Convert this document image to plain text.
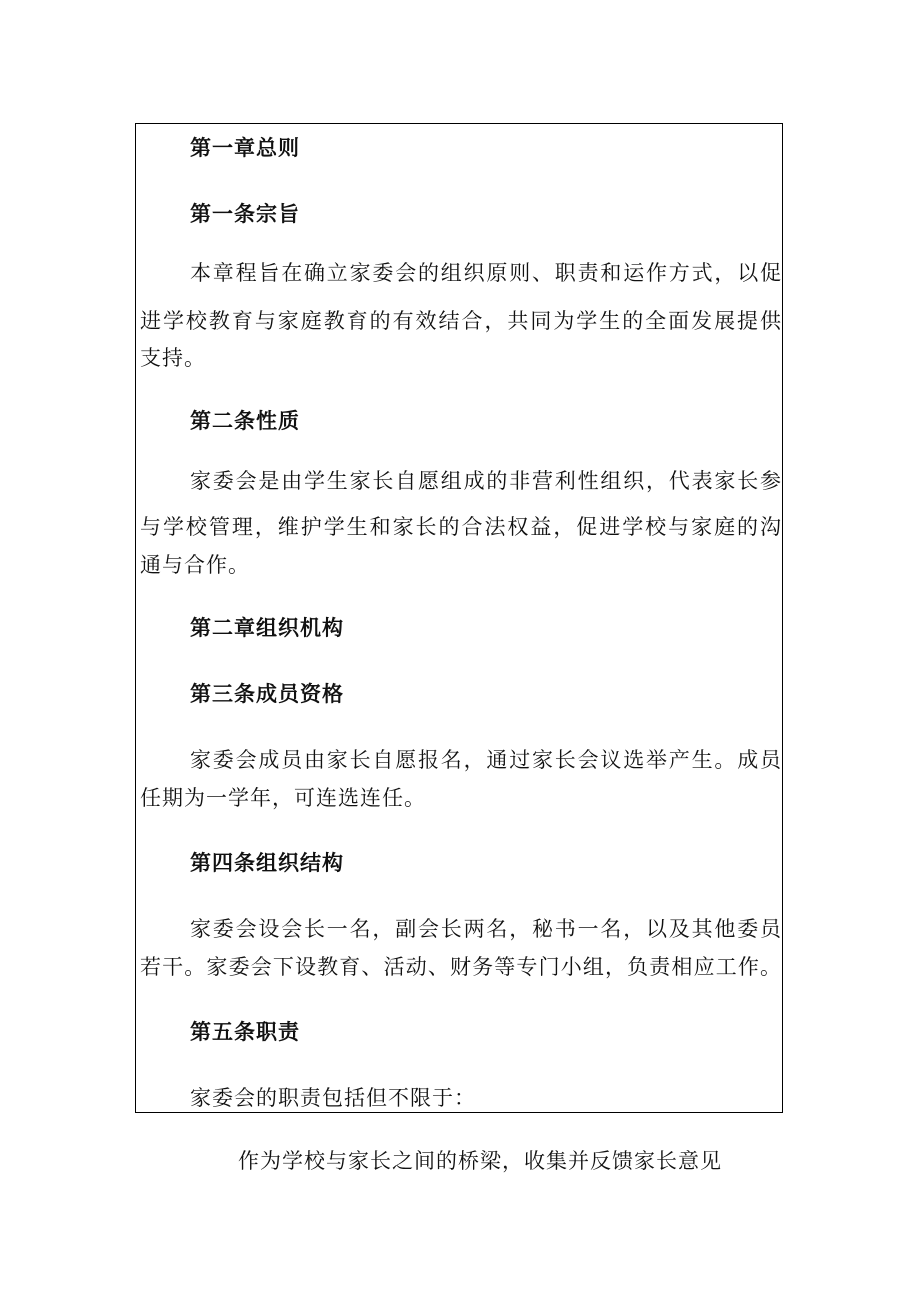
第一章总则
第一条宗旨
本章程旨在确立家委会的组织原则、职责和运作方式，以促
进学校教育与家庭教育的有效结合，共同为学生的全面发展提供
支持。
第二条性质
家委会是由学生家长自愿组成的非营利性组织，代表家长参
与学校管理，维护学生和家长的合法权益，促进学校与家庭的沟
通与合作。
第二章组织机构
第三条成员资格
家委会成员由家长自愿报名，通过家长会议选举产生。成员
任期为一学年，可连选连任。
第四条组织结构
家委会设会长一名，副会长两名，秘书一名，以及其他委员
若干。家委会下设教育、活动、财务等专门小组，负责相应工作。
第五条职责
家委会的职责包括但不限于：
作为学校与家长之间的桥梁，收集并反馈家长意见
